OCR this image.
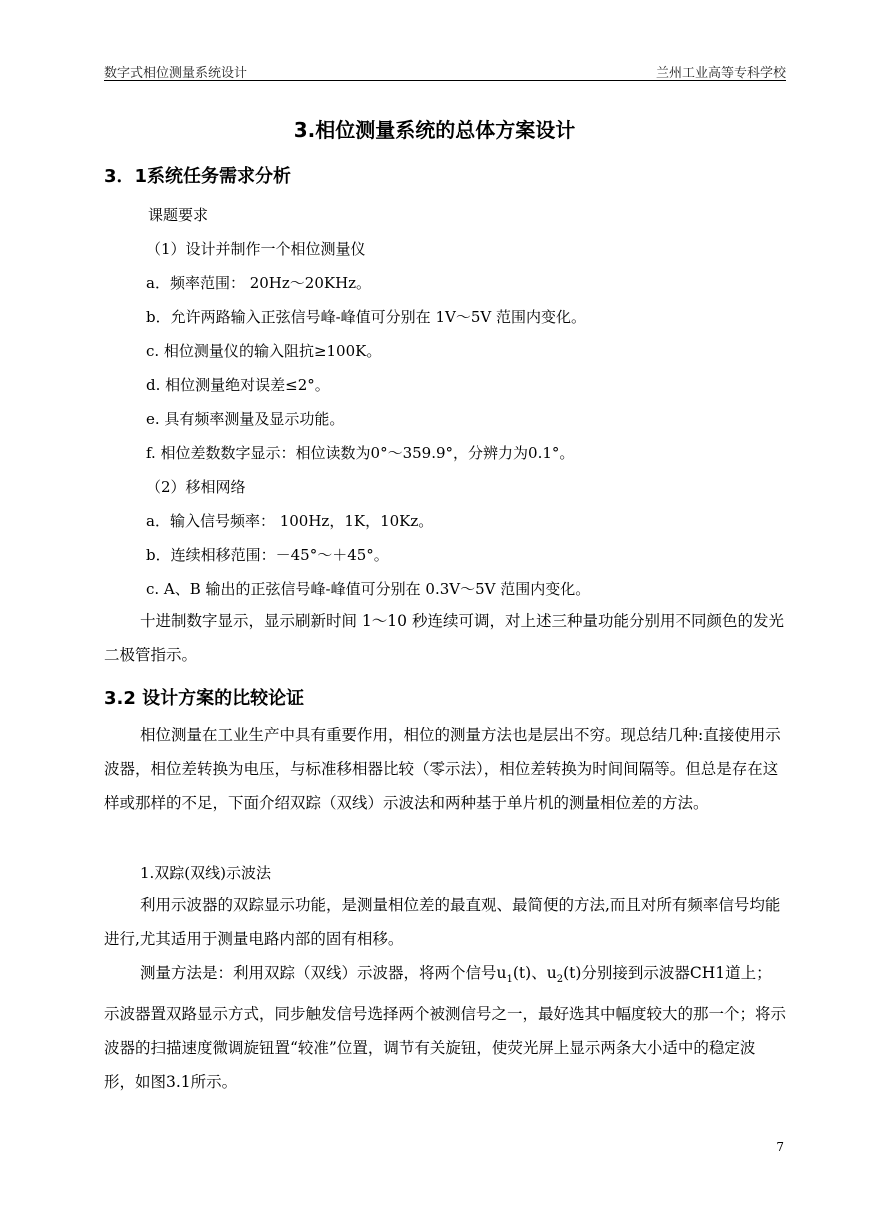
数字式相位测量系统设计	兰州工业高等专科学校
3.相位测量系统的总体方案设计
3．1系统任务需求分析
课题要求
（1）设计并制作一个相位测量仪
a．频率范围： 20Hz～20KHz。
b．允许两路输入正弦信号峰-峰值可分别在 1V～5V 范围内变化。
c. 相位测量仪的输入阻抗≥100K。
d. 相位测量绝对误差≤2°。
e. 具有频率测量及显示功能。
f. 相位差数数字显示：相位读数为0°～359.9°，分辨力为0.1°。
（2）移相网络
a．输入信号频率： 100Hz，1K，10Kz。
b．连续相移范围：－45°～＋45°。
c. A、B 输出的正弦信号峰-峰值可分别在 0.3V～5V 范围内变化。
十进制数字显示，显示刷新时间 1～10 秒连续可调，对上述三种量功能分别用不同颜色的发光二极管指示。
3.2 设计方案的比较论证
相位测量在工业生产中具有重要作用，相位的测量方法也是层出不穷。现总结几种:直接使用示波器，相位差转换为电压，与标准移相器比较（零示法），相位差转换为时间间隔等。但总是存在这样或那样的不足，下面介绍双踪（双线）示波法和两种基于单片机的测量相位差的方法。
1.双踪(双线)示波法
利用示波器的双踪显示功能，是测量相位差的最直观、最简便的方法,而且对所有频率信号均能进行,尤其适用于测量电路内部的固有相移。
测量方法是：利用双踪（双线）示波器，将两个信号$u_1(t)$、$u_2(t)$分别接到示波器CH1道上；示波器置双路显示方式，同步触发信号选择两个被测信号之一，最好选其中幅度较大的那一个；将示波器的扫描速度微调旋钮置“较准”位置，调节有关旋钮，使荧光屏上显示两条大小适中的稳定波形，如图3.1所示。
7
